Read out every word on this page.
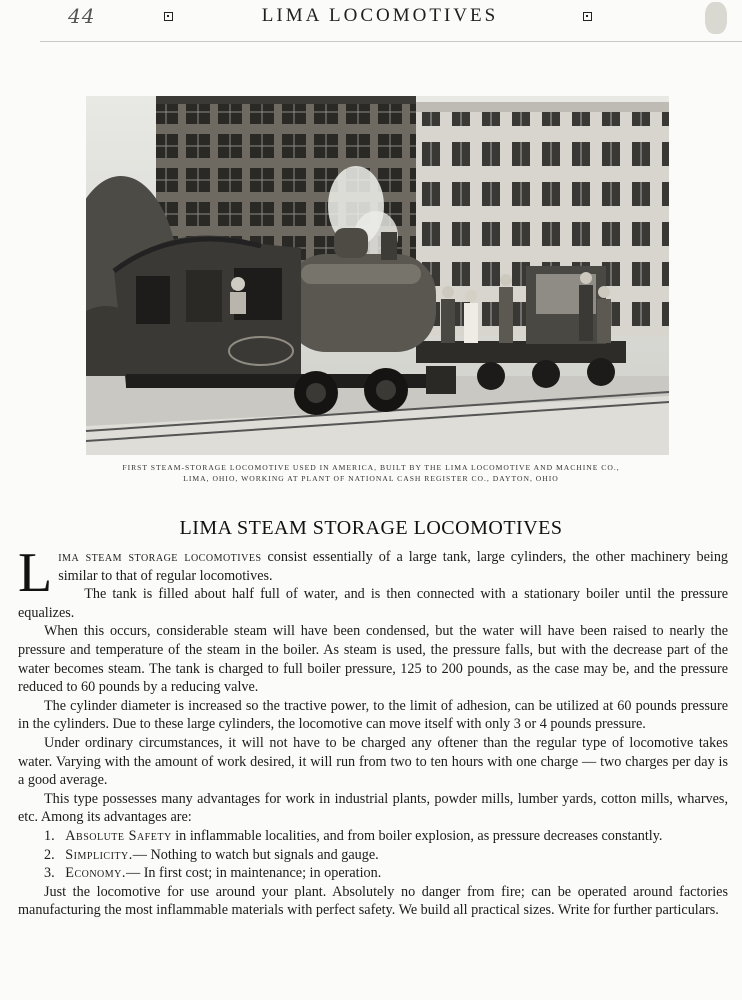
44	LIMA LOCOMOTIVES
FIRST STEAM-STORAGE LOCOMOTIVE USED IN AMERICA, BUILT BY THE LIMA LOCOMOTIVE AND MACHINE CO.,
LIMA, OHIO, WORKING AT PLANT OF NATIONAL CASH REGISTER CO., DAYTON, OHIO
LIMA STEAM STORAGE LOCOMOTIVES

Lima steam storage locomotives consist essentially of a large tank, large cylinders, the other machinery being similar to that of regular locomotives.

The tank is filled about half full of water, and is then connected with a stationary boiler until the pressure equalizes.

When this occurs, considerable steam will have been condensed, but the water will have been raised to nearly the pressure and temperature of the steam in the boiler. As steam is used, the pressure falls, but with the decrease part of the water becomes steam. The tank is charged to full boiler pressure, 125 to 200 pounds, as the case may be, and the pressure reduced to 60 pounds by a reducing valve.

The cylinder diameter is increased so the tractive power, to the limit of adhesion, can be utilized at 60 pounds pressure in the cylinders. Due to these large cylinders, the locomotive can move itself with only 3 or 4 pounds pressure.

Under ordinary circumstances, it will not have to be charged any oftener than the regular type of locomotive takes water. Varying with the amount of work desired, it will run from two to ten hours with one charge — two charges per day is a good average.

This type possesses many advantages for work in industrial plants, powder mills, lumber yards, cotton mills, wharves, etc. Among its advantages are:

1. Absolute Safety in inflammable localities, and from boiler explosion, as pressure decreases constantly.
2. Simplicity.— Nothing to watch but signals and gauge.
3. Economy.— In first cost; in maintenance; in operation.

Just the locomotive for use around your plant. Absolutely no danger from fire; can be operated around factories manufacturing the most inflammable materials with perfect safety. We build all practical sizes. Write for further particulars.
